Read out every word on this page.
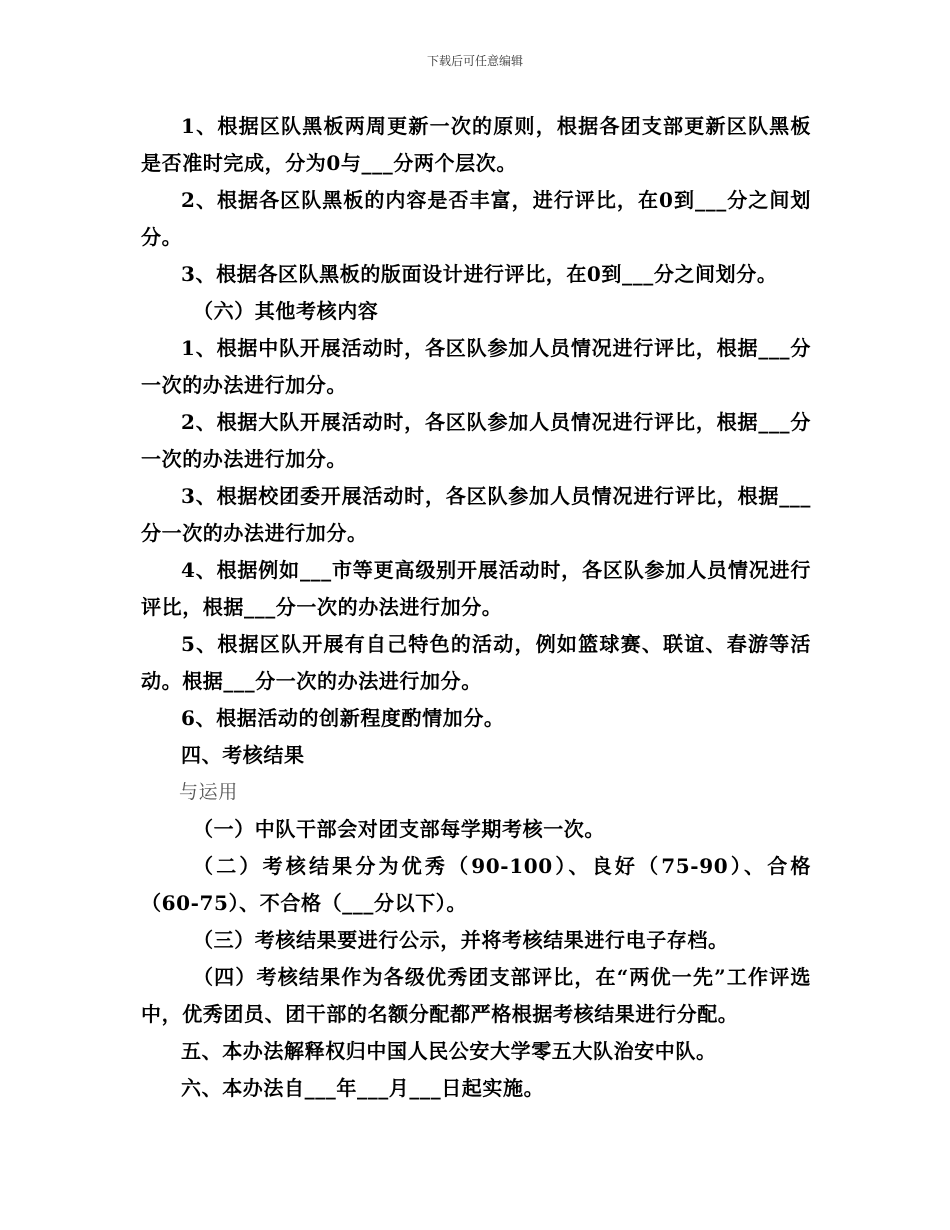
下载后可任意编辑

1、根据区队黑板两周更新一次的原则，根据各团支部更新区队黑板是否准时完成，分为0与___分两个层次。

2、根据各区队黑板的内容是否丰富，进行评比，在0到___分之间划分。

3、根据各区队黑板的版面设计进行评比，在0到___分之间划分。

（六）其他考核内容

1、根据中队开展活动时，各区队参加人员情况进行评比，根据___分一次的办法进行加分。

2、根据大队开展活动时，各区队参加人员情况进行评比，根据___分一次的办法进行加分。

3、根据校团委开展活动时，各区队参加人员情况进行评比，根据___分一次的办法进行加分。

4、根据例如___市等更高级别开展活动时，各区队参加人员情况进行评比，根据___分一次的办法进行加分。

5、根据区队开展有自己特色的活动，例如篮球赛、联谊、春游等活动。根据___分一次的办法进行加分。

6、根据活动的创新程度酌情加分。

四、考核结果

与运用

（一）中队干部会对团支部每学期考核一次。

（二）考核结果分为优秀（90-100）、良好（75-90）、合格（60-75）、不合格（___分以下）。

（三）考核结果要进行公示，并将考核结果进行电子存档。

（四）考核结果作为各级优秀团支部评比，在“两优一先”工作评选中，优秀团员、团干部的名额分配都严格根据考核结果进行分配。

五、本办法解释权归中国人民公安大学零五大队治安中队。

六、本办法自___年___月___日起实施。
